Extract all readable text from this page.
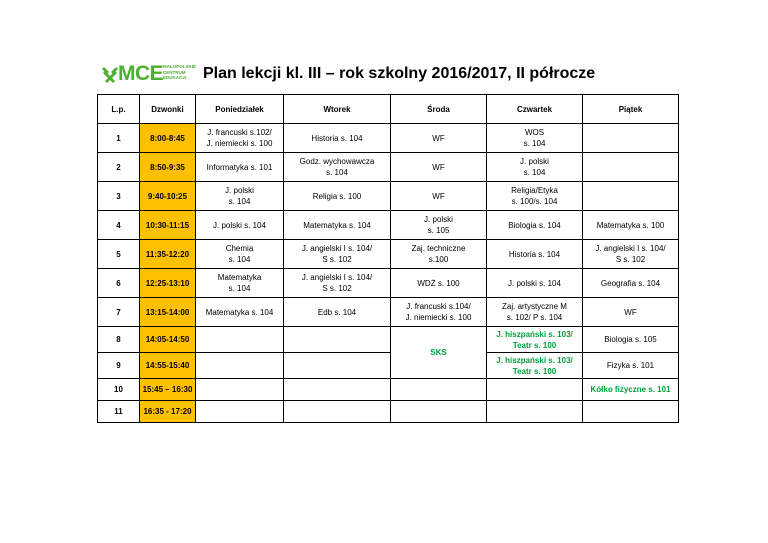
MCE MAŁOPOLSKIE
CENTRUM
EDUKACJI	Plan lekcji kl. III – rok szkolny 2016/2017, II półrocze
L.p.	Dzwonki	Poniedziałek	Wtorek	Środa	Czwartek	Piątek
1	8:00-8:45	J. francuski s.102/
J. niemiecki s. 100	Historia s. 104	WF	WOS
s. 104	

2	8:50-9:35	Informatyka s. 101	Godz. wychowawcza
s. 104	WF	J. polski
s. 104	

3	9:40-10:25	J. polski
s. 104	Religia s. 100	WF	Religia/Etyka
s. 100/s. 104	

4	10:30-11:15	J. polski s. 104	Matematyka s. 104	J. polski
s. 105	Biologia s. 104	Matematyka s. 100

5	11:35-12:20	Chemia
s. 104	J. angielski I s. 104/
S s. 102	Zaj. techniczne
s.100	Historia s. 104	J. angielski I s. 104/
S s. 102

6	12:25-13:10	Matematyka
s. 104	J. angielski I s. 104/
S s. 102	WDŻ s. 100	J. polski s. 104	Geografia s. 104

7	13:15-14:00	Matematyka s. 104	Edb s. 104	J. francuski s.104/
J. niemiecki s. 100	Zaj. artystyczne M
s. 102/ P s. 104	WF

8	14:05-14:50			SKS	J. hiszpański s. 103/
Teatr s. 100	Biologia s. 105

9	14:55-15:40				J. hiszpański s. 103/
Teatr s. 100	Fizyka s. 101

10	15:45 – 16:30					Kółko fizyczne s. 101

11	16:35 - 17:20					
